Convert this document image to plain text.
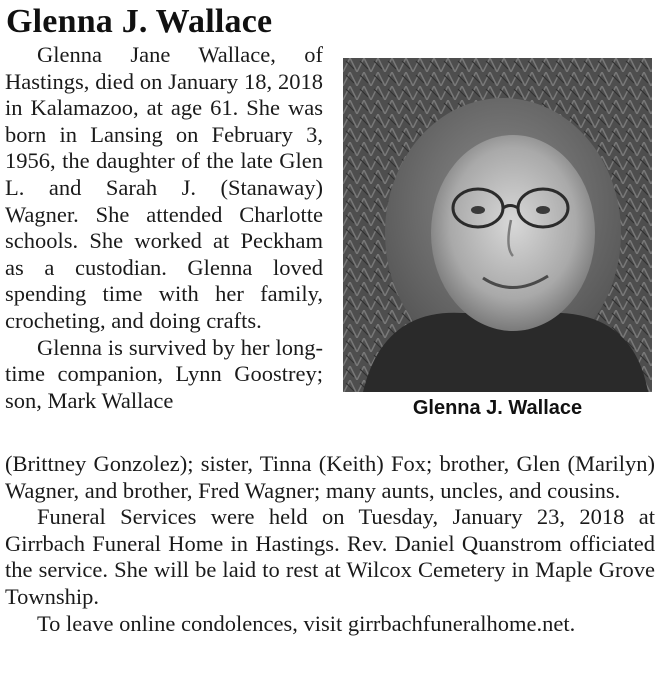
Glenna J. Wallace
Glenna J. Wallace

Glenna Jane Wallace, of Hastings, died on January 18, 2018 in Kalamazoo, at age 61. She was born in Lansing on February 3, 1956, the daughter of the late Glen L. and Sarah J. (Stanaway) Wagner. She attended Charlotte schools. She worked at Peckham as a custodian. Glenna loved spending time with her family, crocheting, and doing crafts.

Glenna is survived by her long-time companion, Lynn Goostrey; son, Mark Wallace

(Brittney Gonzolez); sister, Tinna (Keith) Fox; brother, Glen (Marilyn) Wagner, and brother, Fred Wagner; many aunts, uncles, and cousins.

Funeral Services were held on Tuesday, January 23, 2018 at Girrbach Funeral Home in Hastings. Rev. Daniel Quanstrom officiated the service. She will be laid to rest at Wilcox Cemetery in Maple Grove Township.

To leave online condolences, visit girrbachfuneralhome.net.
